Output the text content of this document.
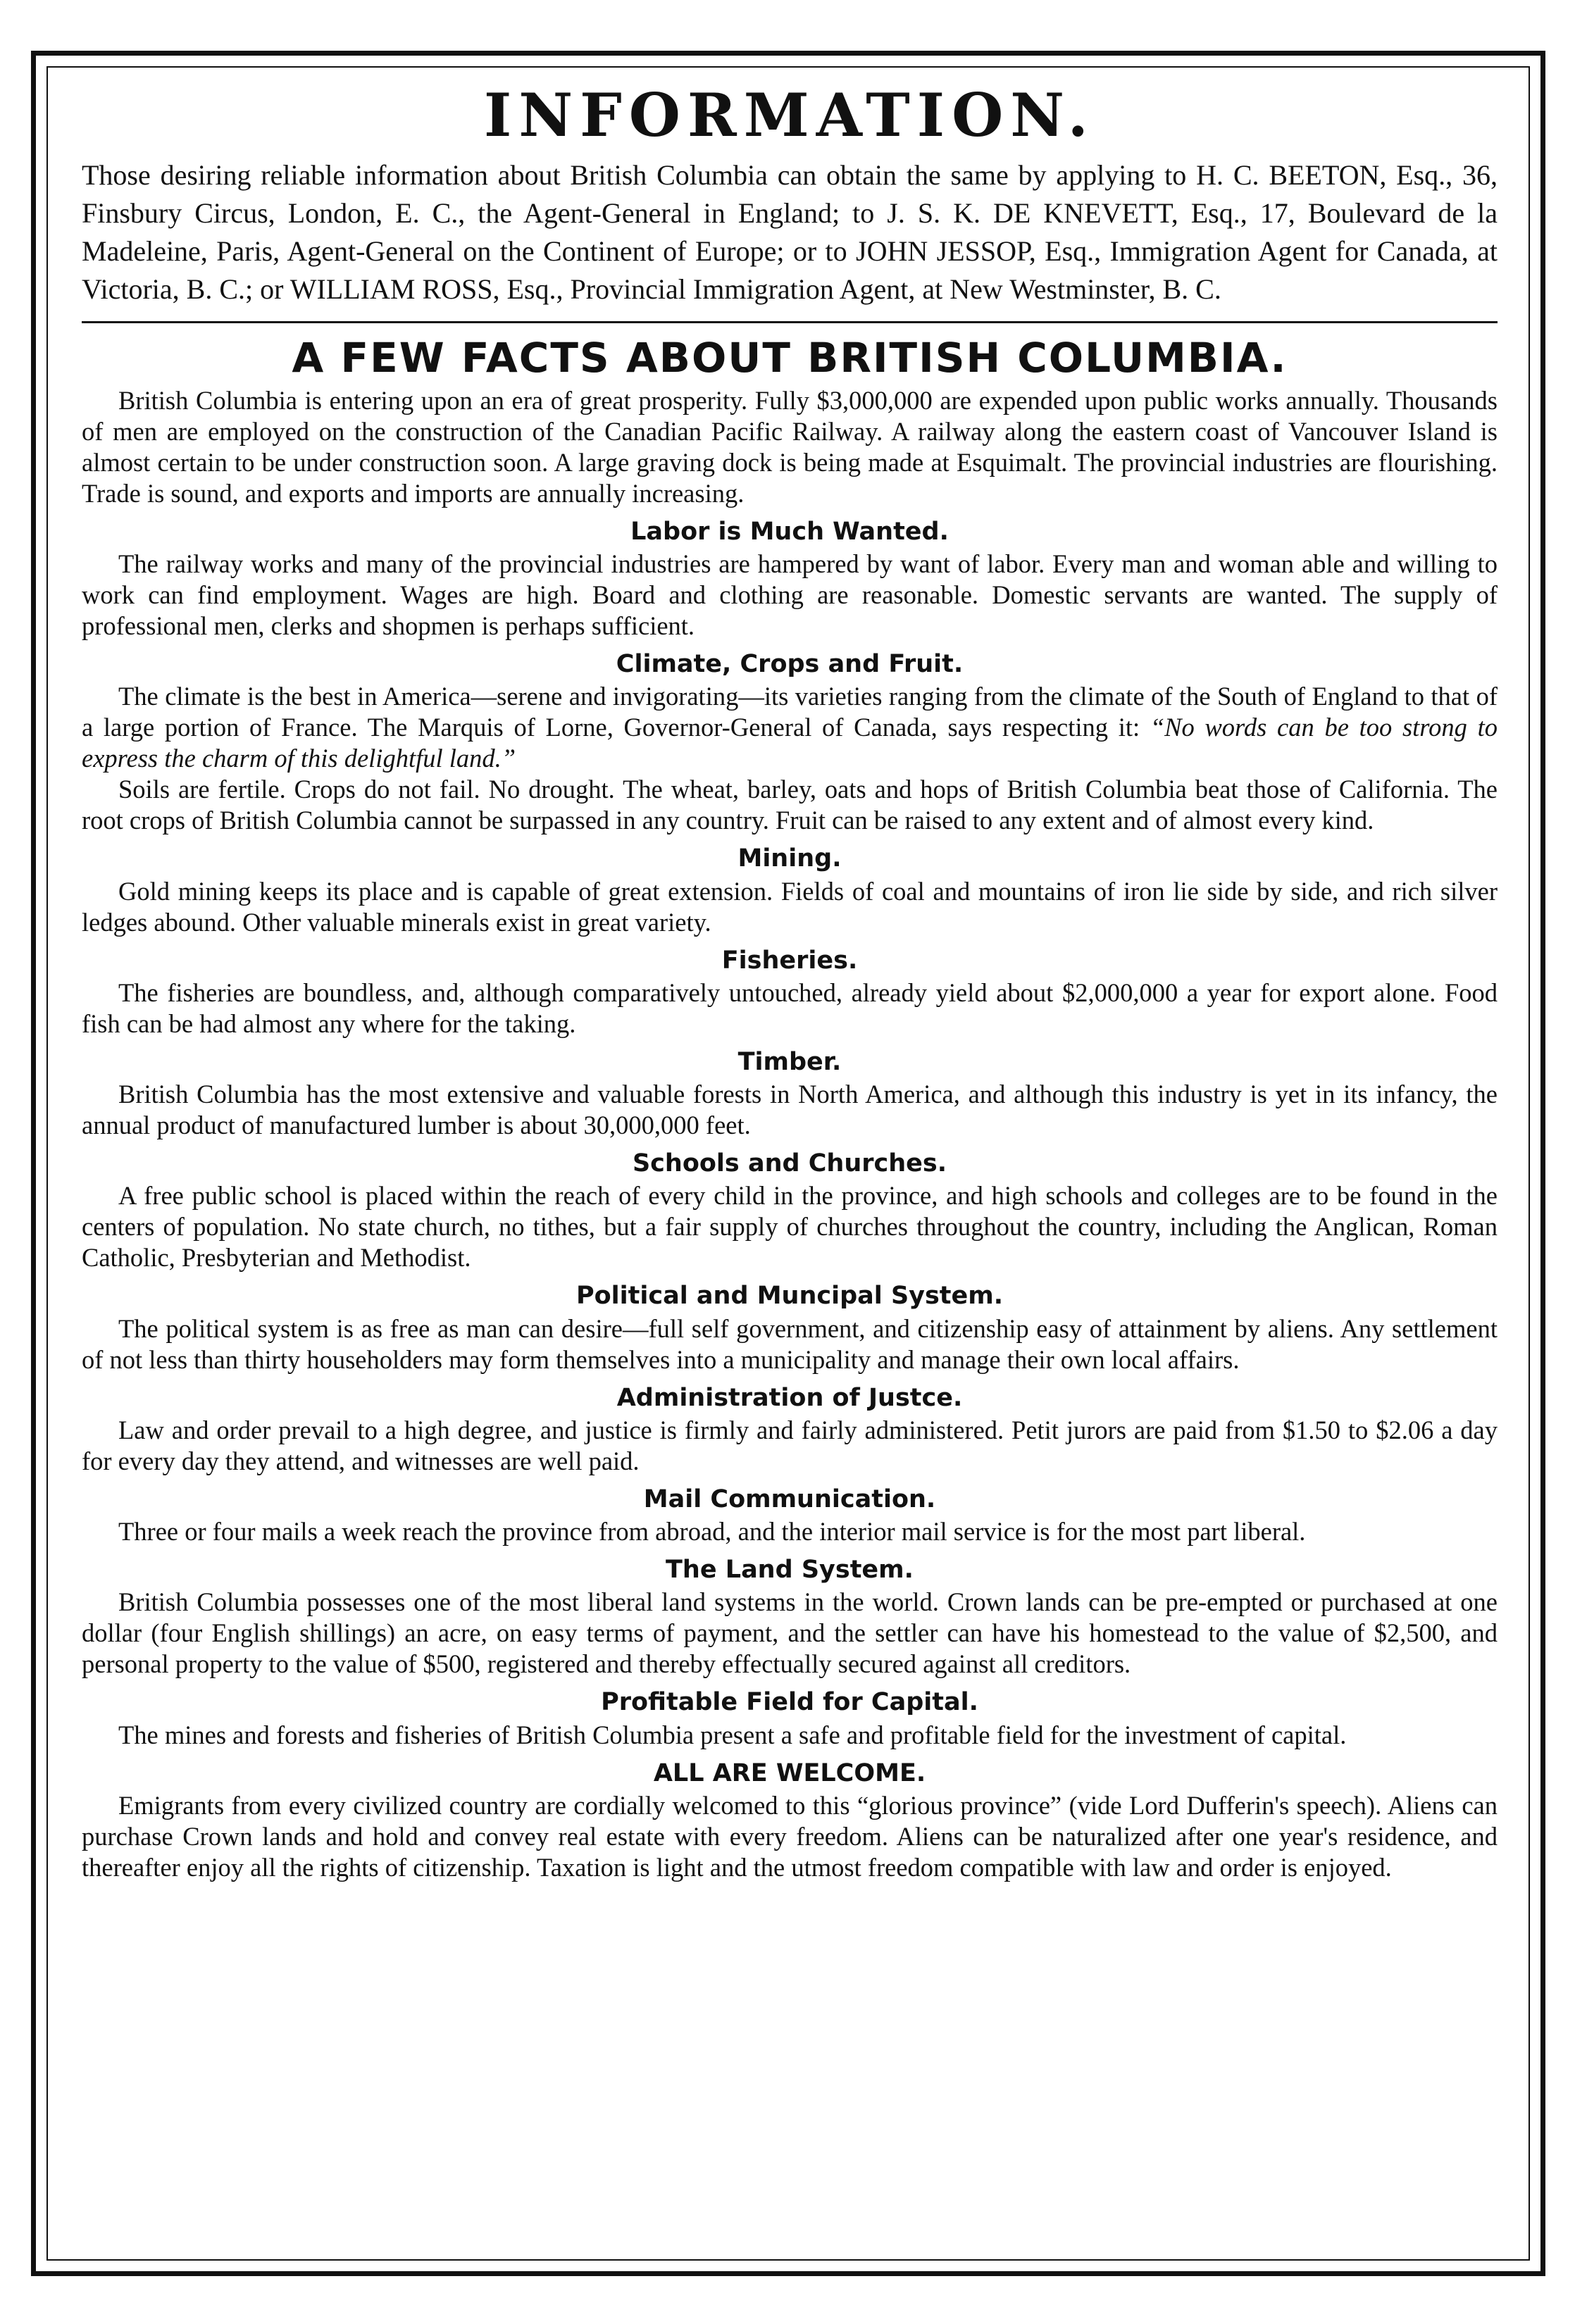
INFORMATION.

Those desiring reliable information about British Columbia can obtain the same by applying to H. C. BEETON, Esq., 36, Finsbury Circus, London, E. C., the Agent-General in England; to J. S. K. DE KNEVETT, Esq., 17, Boulevard de la Madeleine, Paris, Agent-General on the Continent of Europe; or to JOHN JESSOP, Esq., Immigration Agent for Canada, at Victoria, B. C.; or WILLIAM ROSS, Esq., Provincial Immigration Agent, at New Westminster, B. C.

A FEW FACTS ABOUT BRITISH COLUMBIA.

British Columbia is entering upon an era of great prosperity. Fully $3,000,000 are expended upon public works annually. Thousands of men are employed on the construction of the Canadian Pacific Railway. A railway along the eastern coast of Vancouver Island is almost certain to be under construction soon. A large graving dock is being made at Esquimalt. The provincial industries are flourishing. Trade is sound, and exports and imports are annually increasing.

Labor is Much Wanted.

The railway works and many of the provincial industries are hampered by want of labor. Every man and woman able and willing to work can find employment. Wages are high. Board and clothing are reasonable. Domestic servants are wanted. The supply of professional men, clerks and shopmen is perhaps sufficient.

Climate, Crops and Fruit.

The climate is the best in America—serene and invigorating—its varieties ranging from the climate of the South of England to that of a large portion of France. The Marquis of Lorne, Governor-General of Canada, says respecting it: “No words can be too strong to express the charm of this delightful land.”

Soils are fertile. Crops do not fail. No drought. The wheat, barley, oats and hops of British Columbia beat those of California. The root crops of British Columbia cannot be surpassed in any country. Fruit can be raised to any extent and of almost every kind.

Mining.

Gold mining keeps its place and is capable of great extension. Fields of coal and mountains of iron lie side by side, and rich silver ledges abound. Other valuable minerals exist in great variety.

Fisheries.

The fisheries are boundless, and, although comparatively untouched, already yield about $2,000,000 a year for export alone. Food fish can be had almost any where for the taking.

Timber.

British Columbia has the most extensive and valuable forests in North America, and although this industry is yet in its infancy, the annual product of manufactured lumber is about 30,000,000 feet.

Schools and Churches.

A free public school is placed within the reach of every child in the province, and high schools and colleges are to be found in the centers of population. No state church, no tithes, but a fair supply of churches throughout the country, including the Anglican, Roman Catholic, Presbyterian and Methodist.

Political and Muncipal System.

The political system is as free as man can desire—full self government, and citizenship easy of attainment by aliens. Any settlement of not less than thirty householders may form themselves into a municipality and manage their own local affairs.

Administration of Justce.

Law and order prevail to a high degree, and justice is firmly and fairly administered. Petit jurors are paid from $1.50 to $2.06 a day for every day they attend, and witnesses are well paid.

Mail Communication.

Three or four mails a week reach the province from abroad, and the interior mail service is for the most part liberal.

The Land System.

British Columbia possesses one of the most liberal land systems in the world. Crown lands can be pre-empted or purchased at one dollar (four English shillings) an acre, on easy terms of payment, and the settler can have his homestead to the value of $2,500, and personal property to the value of $500, registered and thereby effectually secured against all creditors.

Profitable Field for Capital.

The mines and forests and fisheries of British Columbia present a safe and profitable field for the investment of capital.

ALL ARE WELCOME.

Emigrants from every civilized country are cordially welcomed to this “glorious province” (vide Lord Dufferin's speech). Aliens can purchase Crown lands and hold and convey real estate with every freedom. Aliens can be naturalized after one year's residence, and thereafter enjoy all the rights of citizenship. Taxation is light and the utmost freedom compatible with law and order is enjoyed.
